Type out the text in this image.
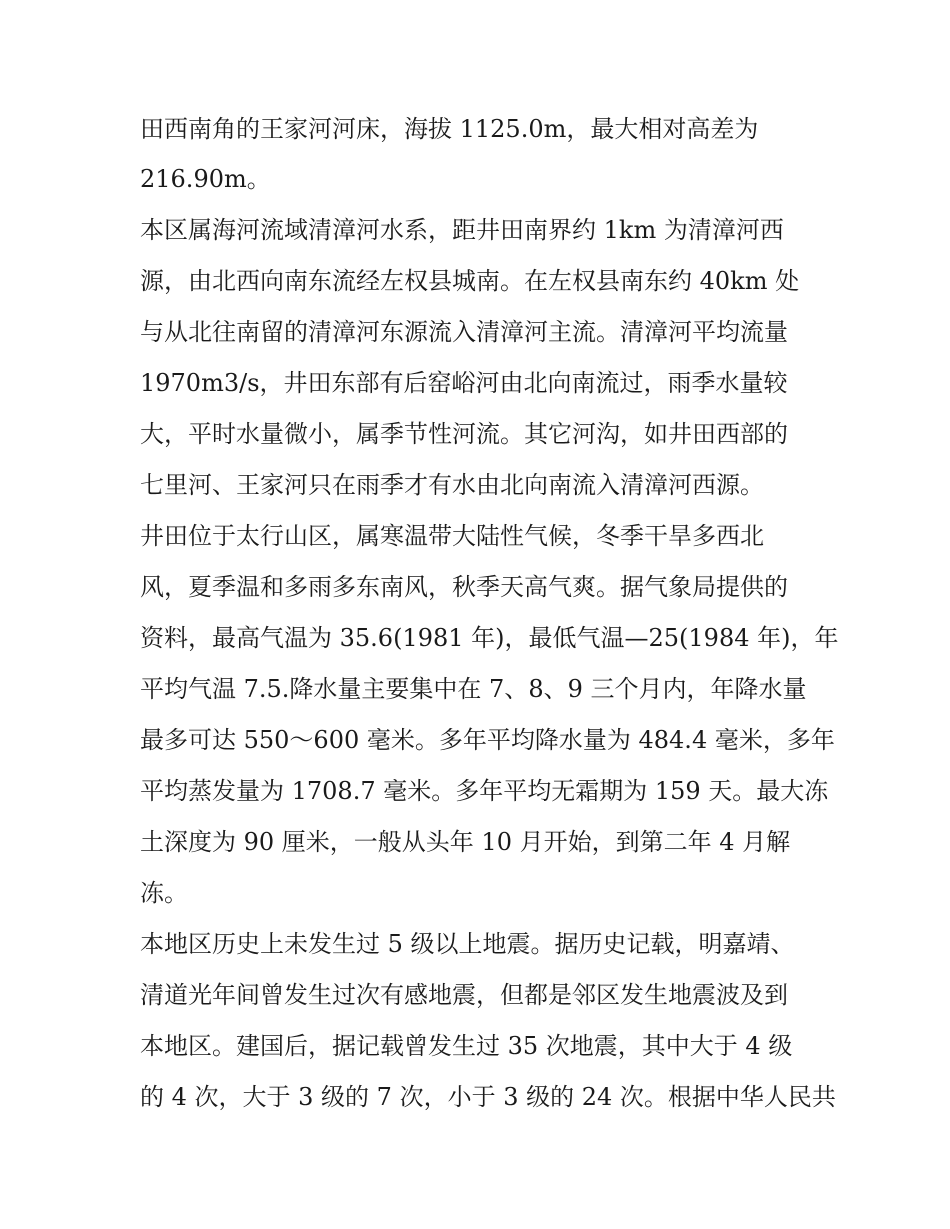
田西南角的王家河河床，海拔 1125.0m，最大相对高差为
216.90m。
本区属海河流域清漳河水系，距井田南界约 1km 为清漳河西
源，由北西向南东流经左权县城南。在左权县南东约 40km 处
与从北往南留的清漳河东源流入清漳河主流。清漳河平均流量
1970m3/s，井田东部有后窑峪河由北向南流过，雨季水量较
大，平时水量微小，属季节性河流。其它河沟，如井田西部的
七里河、王家河只在雨季才有水由北向南流入清漳河西源。
井田位于太行山区，属寒温带大陆性气候，冬季干旱多西北
风，夏季温和多雨多东南风，秋季天高气爽。据气象局提供的
资料，最高气温为 35.6(1981 年)，最低气温—25(1984 年)，年
平均气温 7.5.降水量主要集中在 7、8、9 三个月内，年降水量
最多可达 550～600 毫米。多年平均降水量为 484.4 毫米，多年
平均蒸发量为 1708.7 毫米。多年平均无霜期为 159 天。最大冻
土深度为 90 厘米，一般从头年 10 月开始，到第二年 4 月解
冻。
本地区历史上未发生过 5 级以上地震。据历史记载，明嘉靖、
清道光年间曾发生过次有感地震，但都是邻区发生地震波及到
本地区。建国后，据记载曾发生过 35 次地震，其中大于 4 级
的 4 次，大于 3 级的 7 次，小于 3 级的 24 次。根据中华人民共
